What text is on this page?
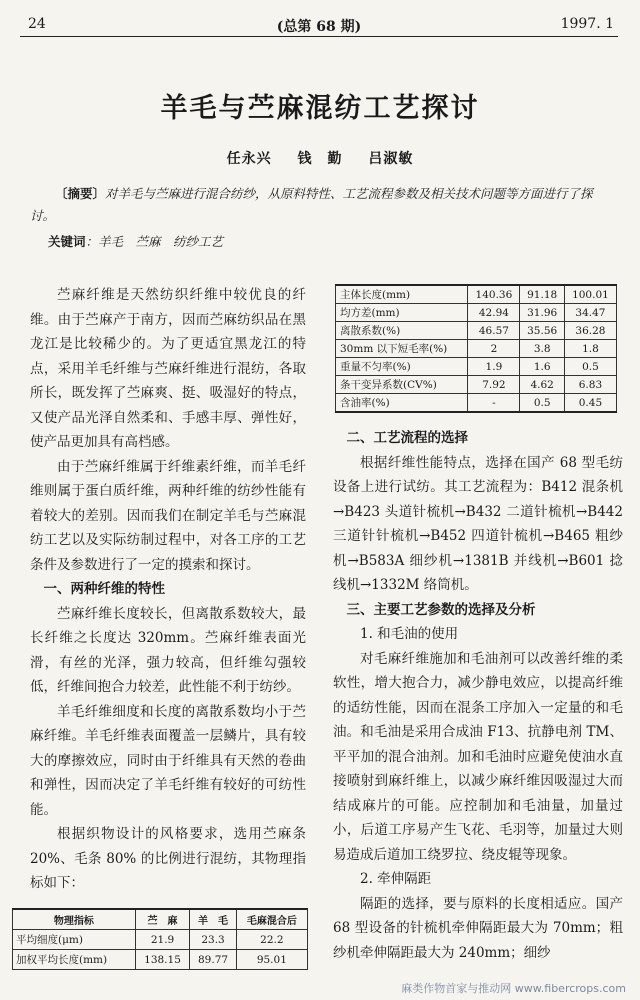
24	(总第 68 期)	1997. 1
羊毛与苎麻混纺工艺探讨
任永兴 钱　勤 吕淑敏
〔摘要〕对羊毛与苎麻进行混合纺纱，从原料特性、工艺流程参数及相关技术问题等方面进行了探讨。
关键词：羊毛　苎麻　纺纱工艺

苎麻纤维是天然纺织纤维中较优良的纤维。由于苎麻产于南方，因而苎麻纺织品在黑龙江是比较稀少的。为了更适宜黑龙江的特点，采用羊毛纤维与苎麻纤维进行混纺，各取所长，既发挥了苎麻爽、挺、吸湿好的特点，又使产品光泽自然柔和、手感丰厚、弹性好，使产品更加具有高档感。

由于苎麻纤维属于纤维素纤维，而羊毛纤维则属于蛋白质纤维，两种纤维的纺纱性能有着较大的差别。因而我们在制定羊毛与苎麻混纺工艺以及实际纺制过程中，对各工序的工艺条件及参数进行了一定的摸索和探讨。

一、两种纤维的特性

苎麻纤维长度较长，但离散系数较大，最长纤维之长度达 320mm。苎麻纤维表面光滑，有丝的光泽，强力较高，但纤维勾强较低，纤维间抱合力较差，此性能不利于纺纱。

羊毛纤维细度和长度的离散系数均小于苎麻纤维。羊毛纤维表面覆盖一层鳞片，具有较大的摩擦效应，同时由于纤维具有天然的卷曲和弹性，因而决定了羊毛纤维有较好的可纺性能。

根据织物设计的风格要求，选用苎麻条 20%、毛条 80% 的比例进行混纺，其物理指标如下：

物理指标	苎　麻	羊　毛	毛麻混合后
平均细度(μm)	21.9	23.3	22.2
加权平均长度(mm)	138.15	89.77	95.01
主体长度(mm)	140.36	91.18	100.01
均方差(mm)	42.94	31.96	34.47
离散系数(%)	46.57	35.56	36.28
30mm 以下短毛率(%)	2	3.8	1.8
重量不匀率(%)	1.9	1.6	0.5
条干变异系数(CV%)	7.92	4.62	6.83
含油率(%)	-	0.5	0.45
二、工艺流程的选择

根据纤维性能特点，选择在国产 68 型毛纺设备上进行试纺。其工艺流程为：B412 混条机→B423 头道针梳机→B432 二道针梳机→B442 三道针针梳机→B452 四道针梳机→B465 粗纱机→B583A 细纱机→1381B 并线机→B601 捻线机→1332M 络筒机。

三、主要工艺参数的选择及分析
1. 和毛油的使用

对毛麻纤维施加和毛油剂可以改善纤维的柔软性，增大抱合力，减少静电效应，以提高纤维的适纺性能，因而在混条工序加入一定量的和毛油。和毛油是采用合成油 F13、抗静电剂 TM、平平加的混合油剂。加和毛油时应避免使油水直接喷射到麻纤维上，以减少麻纤维因吸湿过大而结成麻片的可能。应控制加和毛油量，加量过小，后道工序易产生飞花、毛羽等，加量过大则易造成后道加工绕罗拉、绕皮辊等现象。

2. 牵伸隔距

隔距的选择，要与原料的长度相适应。国产 68 型设备的针梳机牵伸隔距最大为 70mm；粗纱机牵伸隔距最大为 240mm；细纱

麻类作物首家与推动网 www.fibercrops.com
